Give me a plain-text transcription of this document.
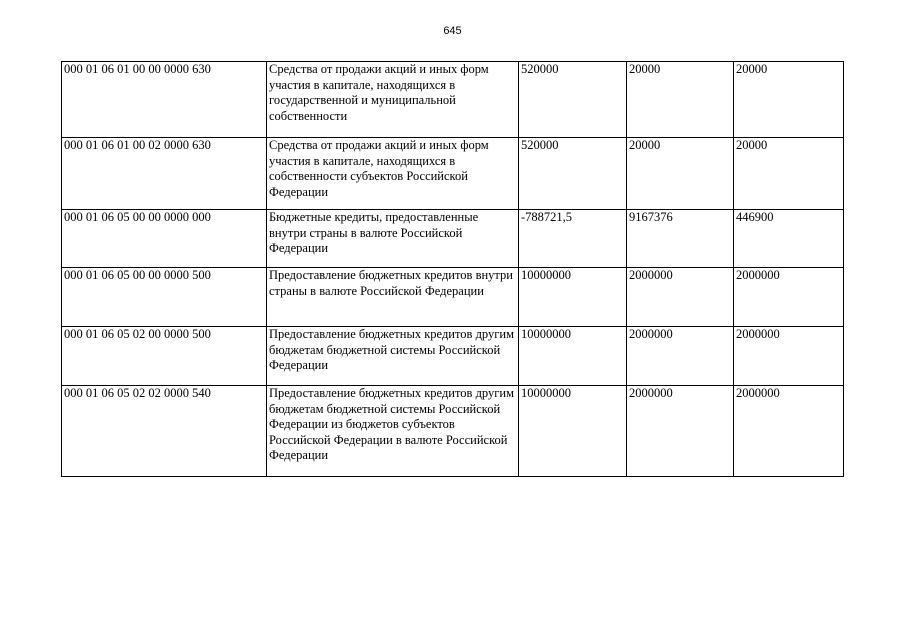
645
000 01 06 01 00 00 0000 630	Средства от продажи акций и иных форм участия в капитале, находящихся в государственной и муниципальной собственности	520000	20000	20000
000 01 06 01 00 02 0000 630	Средства от продажи акций и иных форм участия в капитале, находящихся в собственности субъектов Российской Федерации	520000	20000	20000
000 01 06 05 00 00 0000 000	Бюджетные кредиты, предоставленные внутри страны в валюте Российской Федерации	-788721,5	9167376	446900
000 01 06 05 00 00 0000 500	Предоставление бюджетных кредитов внутри страны в валюте Российской Федерации	10000000	2000000	2000000
000 01 06 05 02 00 0000 500	Предоставление бюджетных кредитов другим бюджетам бюджетной системы Российской Федерации	10000000	2000000	2000000
000 01 06 05 02 02 0000 540	Предоставление бюджетных кредитов другим бюджетам бюджетной системы Российской Федерации из бюджетов субъектов Российской Федерации в валюте Российской Федерации	10000000	2000000	2000000
